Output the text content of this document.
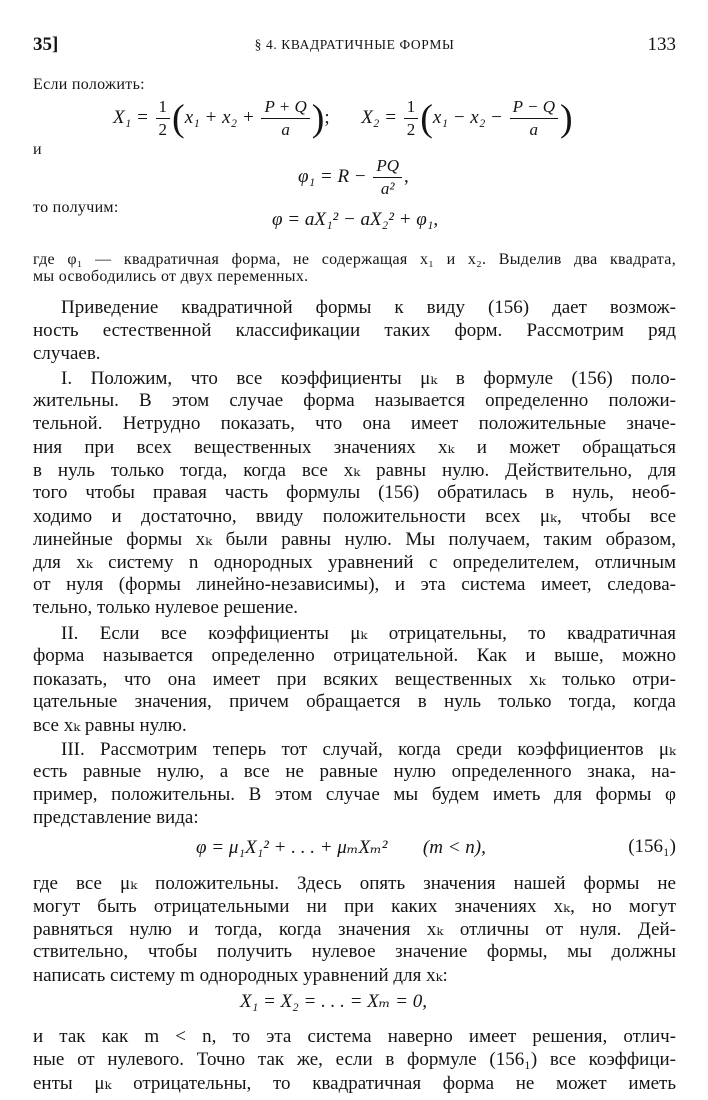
35]	§ 4. КВАДРАТИЧНЫЕ ФОРМЫ	133
Если положить:
$X_1 = \frac{1}{2} (x_1 + x_2 + \frac{P + Q}{a}$ ); $X_2 = \frac{1}{2} (x_1 - x_2 - \frac{P - Q}{a}$ )
и
$\varphi_1 = R - \frac{PQ}{\text{a²}}$ ,
то получим:
φ = aX₁² − aX₂² + φ₁,
где φ₁ — квадратичная форма, не содержащая x₁ и x₂. Выделив два квадрата,
мы освободились от двух переменных.
Приведение квадратичной формы к виду (156) дает возмож-
ность естественной классификации таких форм. Рассмотрим ряд
случаев.
I. Положим, что все коэффициенты μₖ в формуле (156) поло-
жительны. В этом случае форма называется определенно положи-
тельной. Нетрудно показать, что она имеет положительные значе-
ния при всех вещественных значениях xₖ и может обращаться
в нуль только тогда, когда все xₖ равны нулю. Действительно, для
того чтобы правая часть формулы (156) обратилась в нуль, необ-
ходимо и достаточно, ввиду положительности всех μₖ, чтобы все
линейные формы xₖ были равны нулю. Мы получаем, таким образом,
для xₖ систему n однородных уравнений с определителем, отличным
от нуля (формы линейно-независимы), и эта система имеет, следова-
тельно, только нулевое решение.
II. Если все коэффициенты μₖ отрицательны, то квадратичная
форма называется определенно отрицательной. Как и выше, можно
показать, что она имеет при всяких вещественных xₖ только отри-
цательные значения, причем обращается в нуль только тогда, когда
все xₖ равны нулю.
III. Рассмотрим теперь тот случай, когда среди коэффициентов μₖ
есть равные нулю, а все не равные нулю определенного знака, на-
пример, положительны. В этом случае мы будем иметь для формы φ
представление вида:
φ = μ₁X₁² + . . . + μₘXₘ² (m < n),	(156₁)
где все μₖ положительны. Здесь опять значения нашей формы не
могут быть отрицательными ни при каких значениях xₖ, но могут
равняться нулю и тогда, когда значения xₖ отличны от нуля. Дей-
ствительно, чтобы получить нулевое значение формы, мы должны
написать систему m однородных уравнений для xₖ:
X₁ = X₂ = . . . = Xₘ = 0,
и так как m < n, то эта система наверно имеет решения, отлич-
ные от нулевого. Точно так же, если в формуле (156₁) все коэффици-
енты μₖ отрицательны, то квадратичная форма не может иметь
